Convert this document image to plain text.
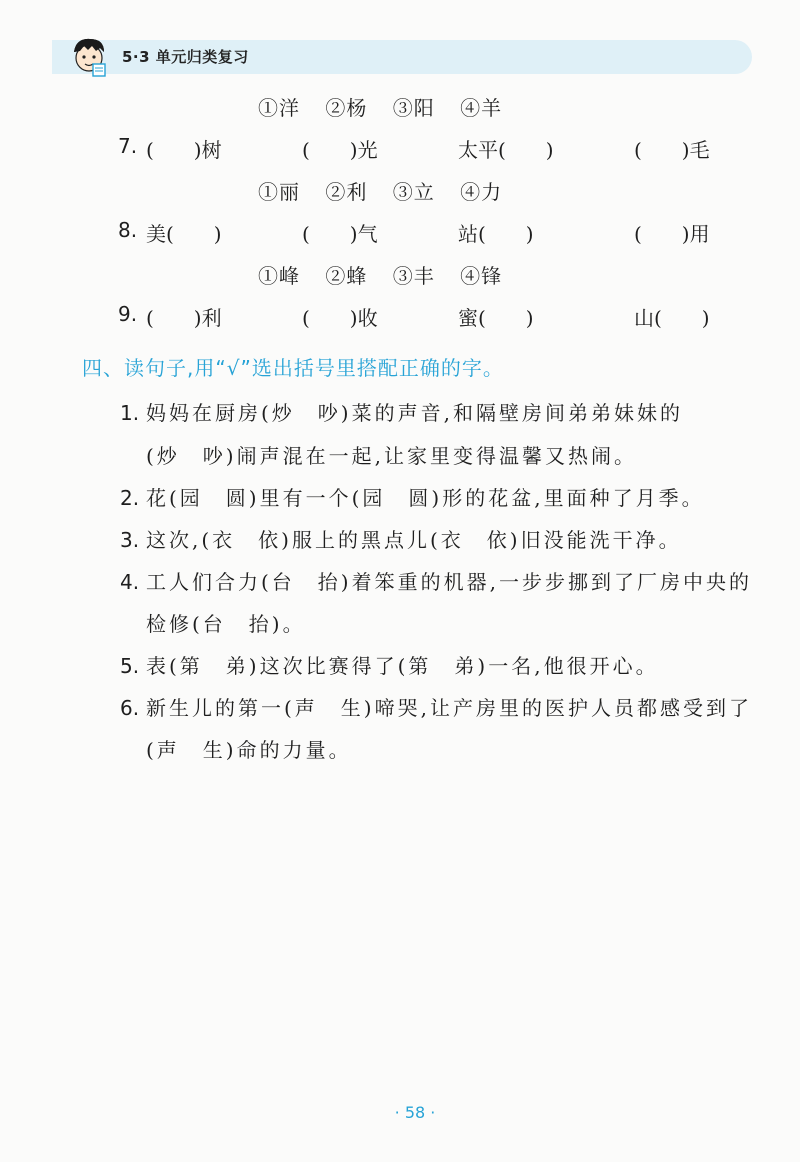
5·3 单元归类复习
①洋 ②杨 ③阳 ④羊
7. (　　)树	(　　)光	太平(　　)	(　　)毛
①丽 ②利 ③立 ④力
8. 美(　　)	(　　)气	站(　　)	(　　)用
①峰 ②蜂 ③丰 ④锋
9. (　　)利	(　　)收	蜜(　　)	山(　　)
四、读句子,用“√”选出括号里搭配正确的字。
1. 妈妈在厨房(炒　吵)菜的声音,和隔壁房间弟弟妹妹的
(炒　吵)闹声混在一起,让家里变得温馨又热闹。
2. 花(园　圆)里有一个(园　圆)形的花盆,里面种了月季。
3. 这次,(衣　依)服上的黑点儿(衣　依)旧没能洗干净。
4. 工人们合力(台　抬)着笨重的机器,一步步挪到了厂房中央的
检修(台　抬)。
5. 表(第　弟)这次比赛得了(第　弟)一名,他很开心。
6. 新生儿的第一(声　生)啼哭,让产房里的医护人员都感受到了
(声　生)命的力量。
· 58 ·
